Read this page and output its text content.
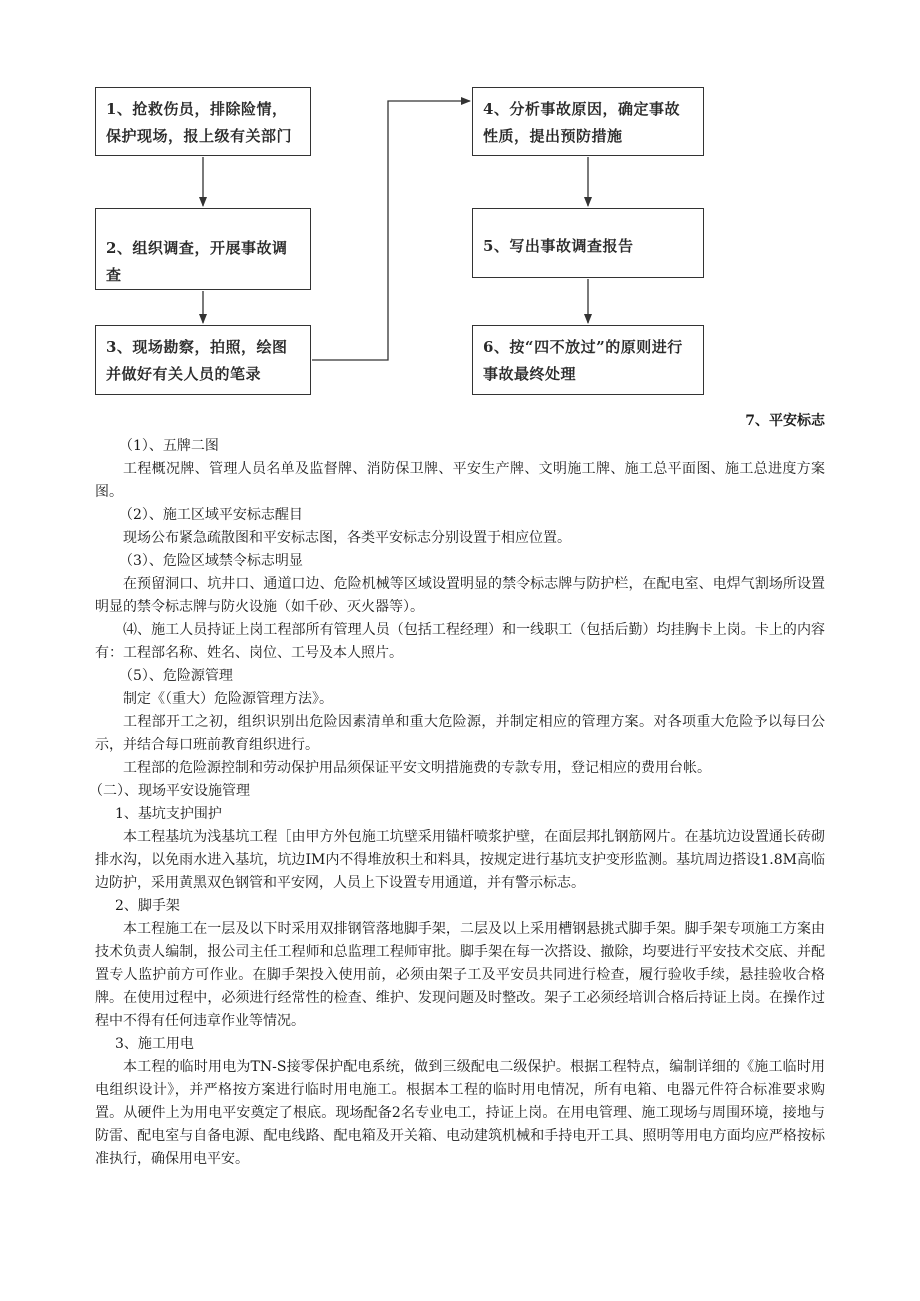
1、抢救伤员，排除险情，保护现场，报上级有关部门
2、组织调查，开展事故调查
3、现场勘察，拍照，绘图并做好有关人员的笔录
4、分析事故原因，确定事故性质，提出预防措施
5、写出事故调查报告
6、按“四不放过”的原则进行事故最终处理

7、平安标志

（1）、五牌二图

工程概况牌、管理人员名单及监督牌、消防保卫牌、平安生产牌、文明施工牌、施工总平面图、施工总进度方案图。

（2）、施工区域平安标志醒目

现场公布紧急疏散图和平安标志图，各类平安标志分别设置于相应位置。

（3）、危险区域禁令标志明显

在预留洞口、坑井口、通道口边、危险机械等区域设置明显的禁令标志牌与防护栏，在配电室、电焊气割场所设置明显的禁令标志牌与防火设施（如千砂、灭火器等）。

⑷、施工人员持证上岗工程部所有管理人员（包括工程经理）和一线职工（包括后勤）均挂胸卡上岗。卡上的内容有：工程部名称、姓名、岗位、工号及本人照片。

（5）、危险源管理

制定《（重大）危险源管理方法》。

工程部开工之初，组织识别出危险因素清单和重大危险源，并制定相应的管理方案。对各项重大危险予以每曰公示，并结合每口班前教育组织进行。

工程部的危险源控制和劳动保护用品须保证平安文明措施费的专款专用，登记相应的费用台帐。

（二）、现场平安设施管理

1、基坑支护围护

本工程基坑为浅基坑工程［由甲方外包施工坑壁采用锚杆喷浆护壁，在面层邦扎钢筋网片。在基坑边设置通长砖砌排水沟，以免雨水进入基坑，坑边IM内不得堆放积土和料具，按规定进行基坑支护变形监测。基坑周边搭设1.8M高临边防护，采用黄黑双色钢管和平安网，人员上下设置专用通道，并有警示标志。

2、脚手架

本工程施工在一层及以下时采用双排钢管落地脚手架，二层及以上采用槽钢悬挑式脚手架。脚手架专项施工方案由技术负责人编制，报公司主任工程师和总监理工程师审批。脚手架在每一次搭设、撤除，均要进行平安技术交底、并配置专人监护前方可作业。在脚手架投入使用前，必须由架子工及平安员共同进行检查，履行验收手续，悬挂验收合格牌。在使用过程中，必须进行经常性的检查、维护、发现问题及时整改。架子工必须经培训合格后持证上岗。在操作过程中不得有任何违章作业等情况。

3、施工用电

本工程的临时用电为TN-S接零保护配电系统，做到三级配电二级保护。根据工程特点，编制详细的《施工临时用电组织设计》，并严格按方案进行临时用电施工。根据本工程的临时用电情况，所有电箱、电器元件符合标准要求购置。从硬件上为用电平安奠定了根底。现场配备2名专业电工，持证上岗。在用电管理、施工现场与周围环境，接地与防雷、配电室与自备电源、配电线路、配电箱及开关箱、电动建筑机械和手持电开工具、照明等用电方面均应严格按标准执行，确保用电平安。
